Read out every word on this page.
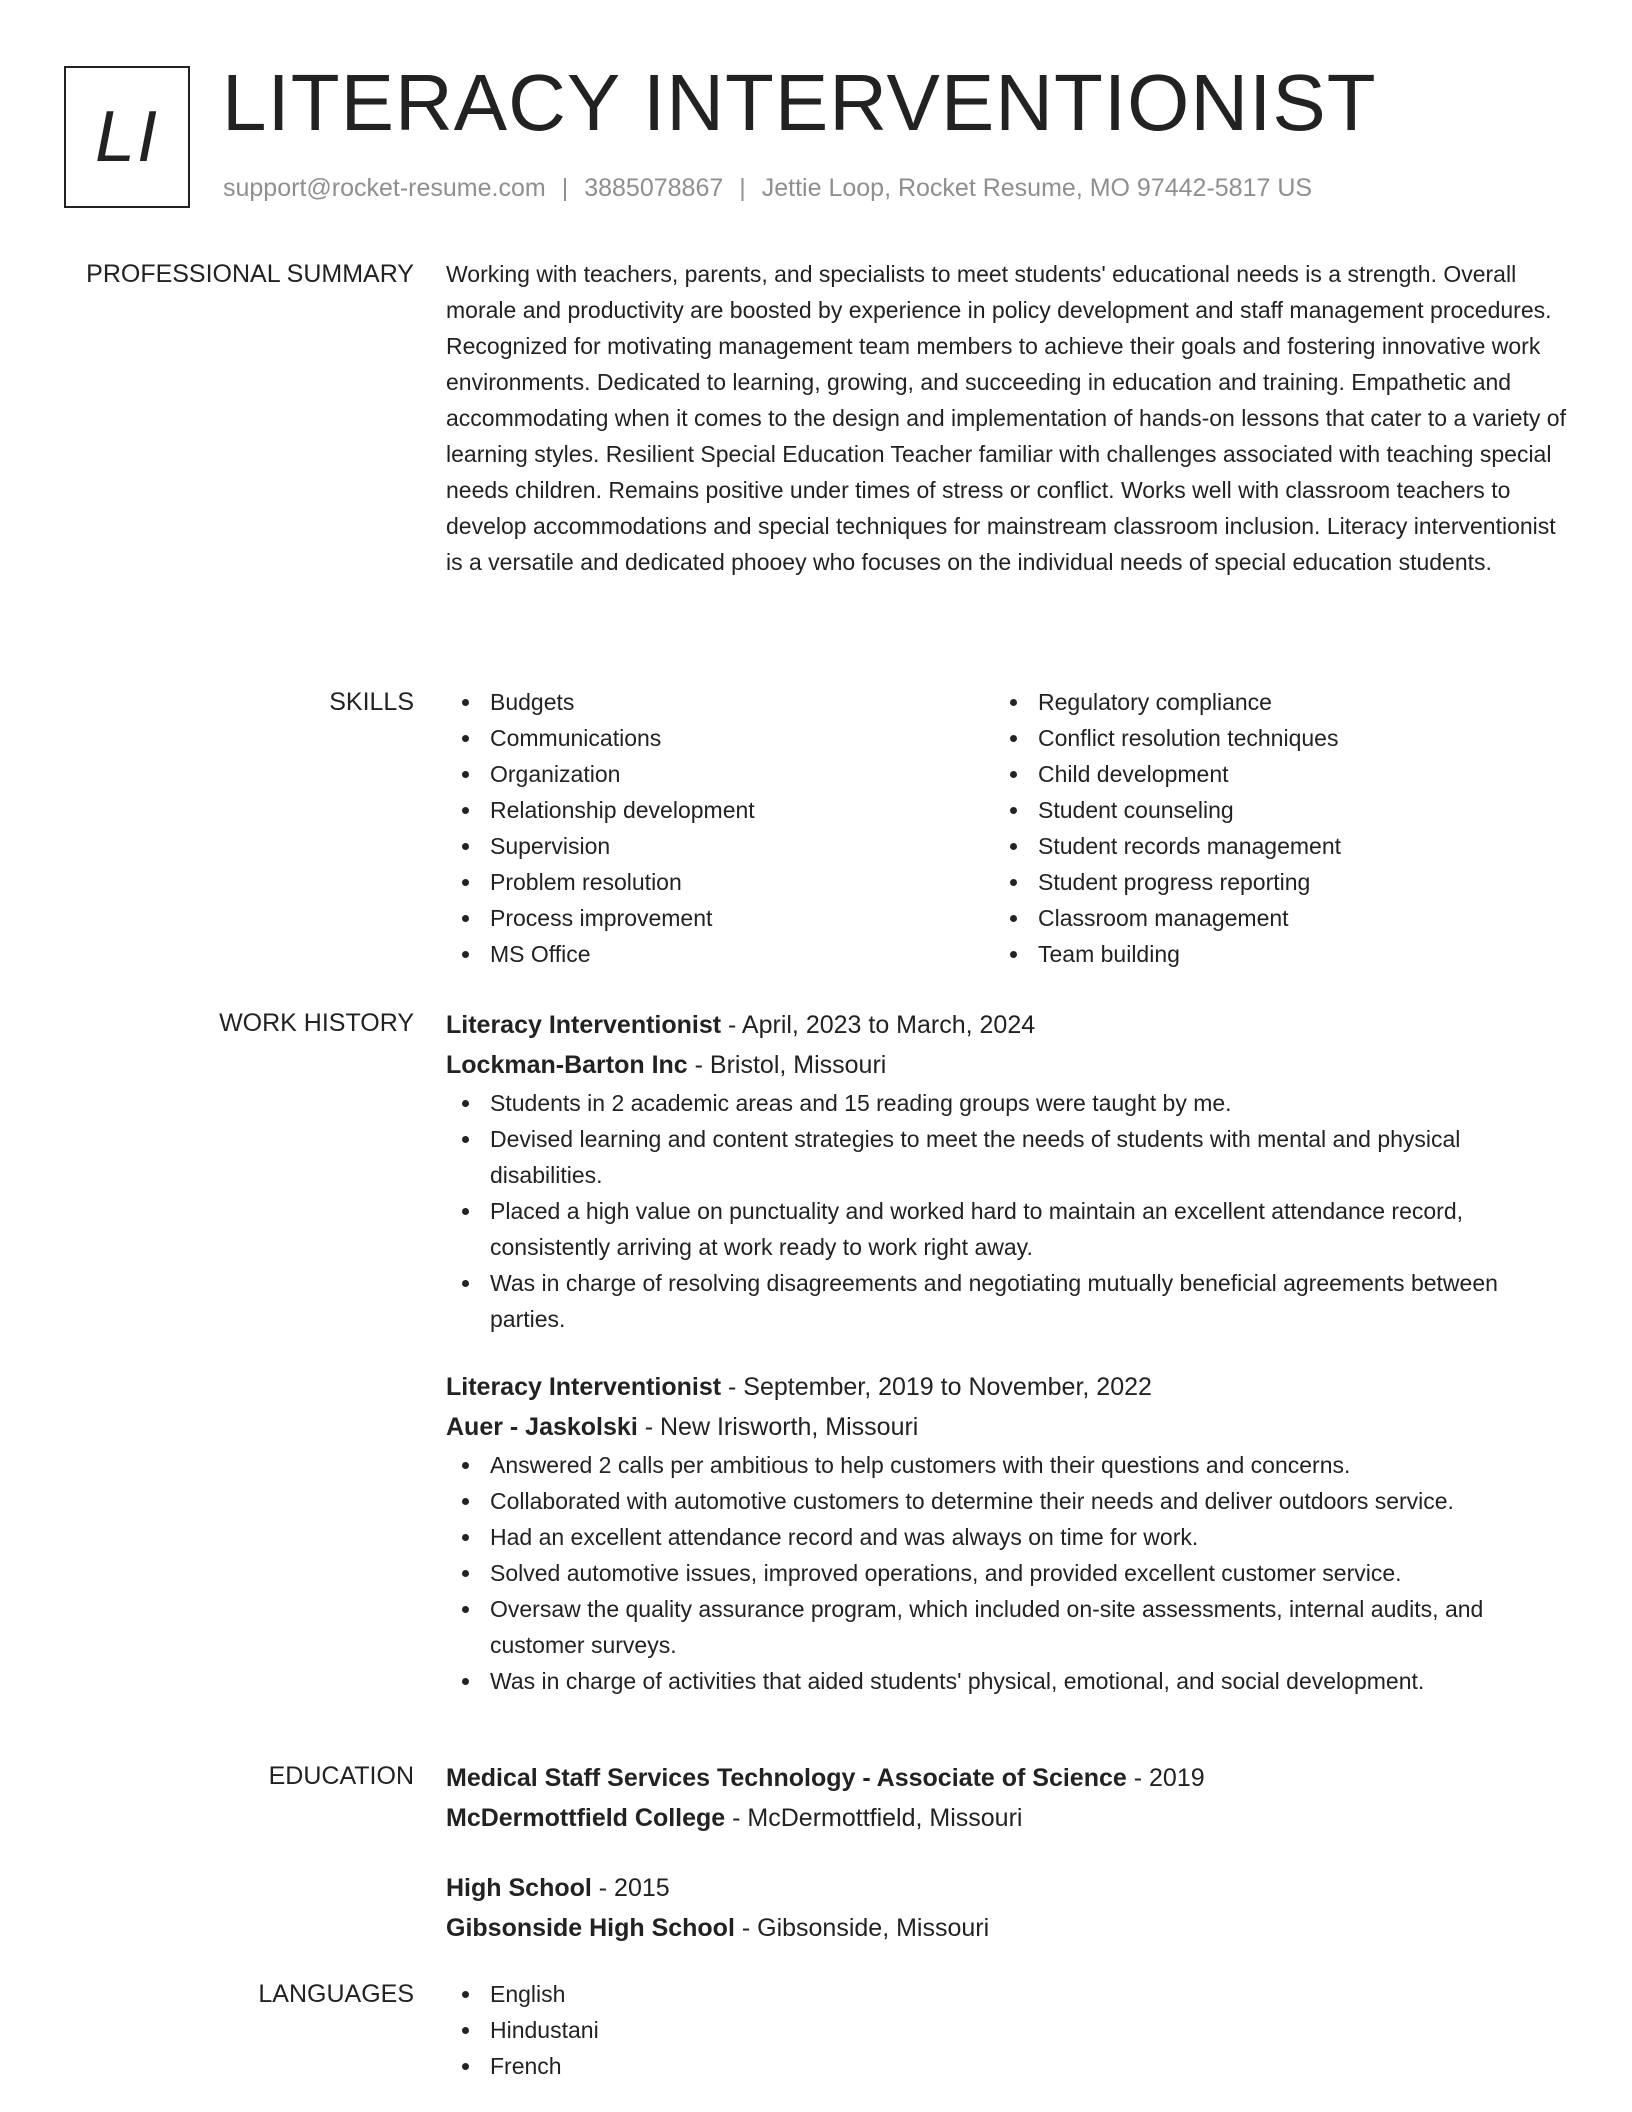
LI LITERACY INTERVENTIONIST
support@rocket-resume.com | 3885078867 | Jettie Loop, Rocket Resume, MO 97442-5817 US
PROFESSIONAL SUMMARY Working with teachers, parents, and specialists to meet students' educational needs is a strength. Overall morale and productivity are boosted by experience in policy development and staff management procedures. Recognized for motivating management team members to achieve their goals and fostering innovative work environments. Dedicated to learning, growing, and succeeding in education and training. Empathetic and accommodating when it comes to the design and implementation of hands-on lessons that cater to a variety of learning styles. Resilient Special Education Teacher familiar with challenges associated with teaching special needs children. Remains positive under times of stress or conflict. Works well with classroom teachers to develop accommodations and special techniques for mainstream classroom inclusion. Literacy interventionist is a versatile and dedicated phooey who focuses on the individual needs of special education students.

SKILLS	Budgets
Communications
Organization
Relationship development
Supervision
Problem resolution
Process improvement
MS Office
Regulatory compliance
Conflict resolution techniques
Child development
Student counseling
Student records management
Student progress reporting
Classroom management
Team building
WORK HISTORY Literacy Interventionist - April, 2023 to March, 2024
Lockman-Barton Inc - Bristol, Missouri
Students in 2 academic areas and 15 reading groups were taught by me.
Devised learning and content strategies to meet the needs of students with mental and physical disabilities.
Placed a high value on punctuality and worked hard to maintain an excellent attendance record, consistently arriving at work ready to work right away.
Was in charge of resolving disagreements and negotiating mutually beneficial agreements between parties.
Literacy Interventionist - September, 2019 to November, 2022
Auer - Jaskolski - New Irisworth, Missouri
Answered 2 calls per ambitious to help customers with their questions and concerns.
Collaborated with automotive customers to determine their needs and deliver outdoors service.
Had an excellent attendance record and was always on time for work.
Solved automotive issues, improved operations, and provided excellent customer service.
Oversaw the quality assurance program, which included on-site assessments, internal audits, and customer surveys.
Was in charge of activities that aided students' physical, emotional, and social development.
EDUCATION Medical Staff Services Technology - Associate of Science - 2019
McDermottfield College - McDermottfield, Missouri
High School - 2015
Gibsonside High School - Gibsonside, Missouri
LANGUAGES	English
Hindustani
French
